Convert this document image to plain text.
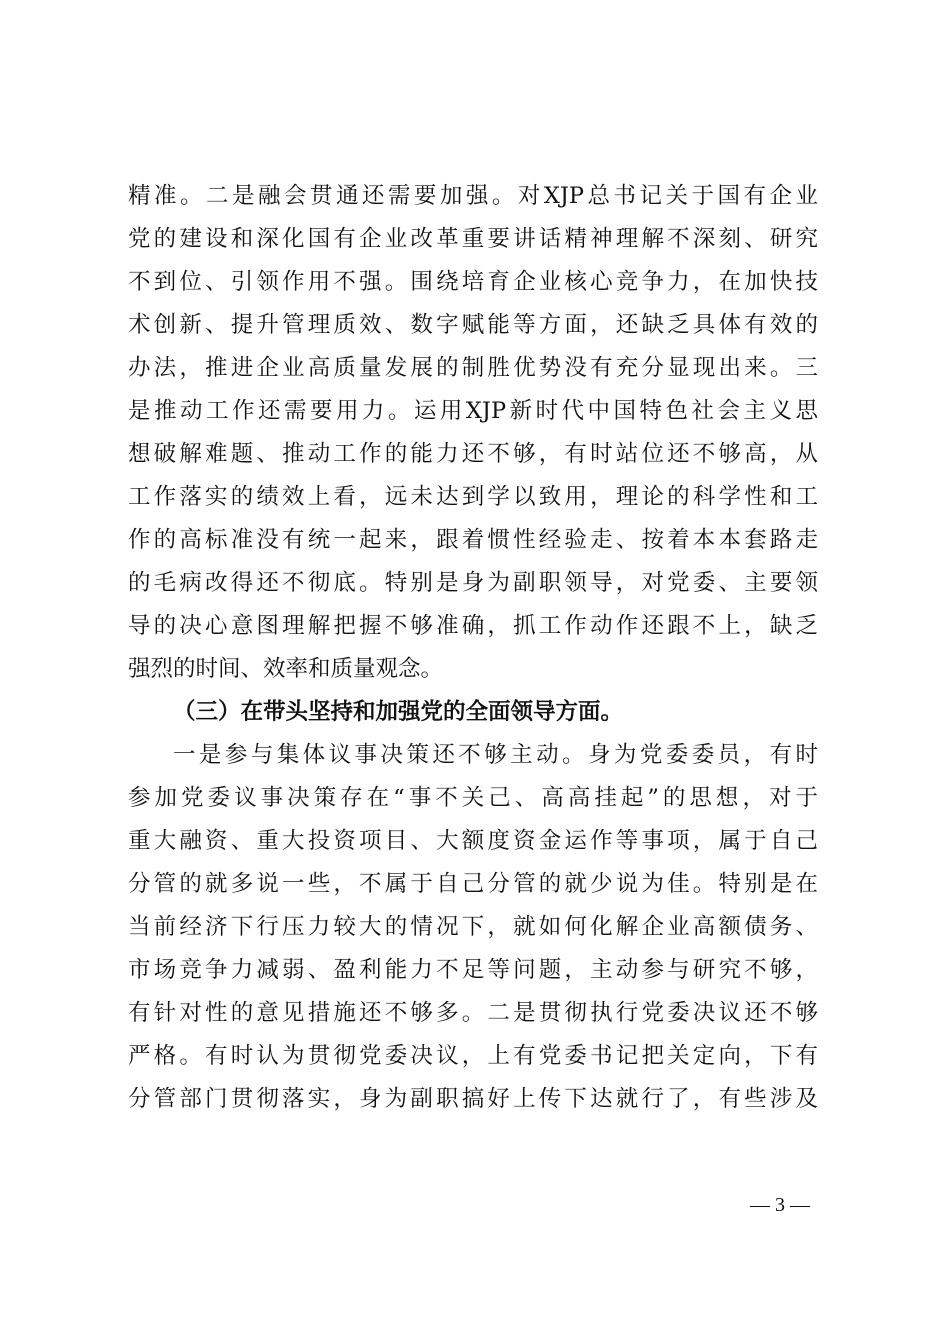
精准。二是融会贯通还需要加强。对XJP总书记关于国有企业
党的建设和深化国有企业改革重要讲话精神理解不深刻、研究
不到位、引领作用不强。围绕培育企业核心竞争力，在加快技
术创新、提升管理质效、数字赋能等方面，还缺乏具体有效的
办法，推进企业高质量发展的制胜优势没有充分显现出来。三
是推动工作还需要用力。运用XJP新时代中国特色社会主义思
想破解难题、推动工作的能力还不够，有时站位还不够高，从
工作落实的绩效上看，远未达到学以致用，理论的科学性和工
作的高标准没有统一起来，跟着惯性经验走、按着本本套路走
的毛病改得还不彻底。特别是身为副职领导，对党委、主要领
导的决心意图理解把握不够准确，抓工作动作还跟不上，缺乏
强烈的时间、效率和质量观念。
（三）在带头坚持和加强党的全面领导方面。
一是参与集体议事决策还不够主动。身为党委委员，有时
参加党委议事决策存在“事不关己、高高挂起”的思想，对于
重大融资、重大投资项目、大额度资金运作等事项，属于自己
分管的就多说一些，不属于自己分管的就少说为佳。特别是在
当前经济下行压力较大的情况下，就如何化解企业高额债务、
市场竞争力减弱、盈利能力不足等问题，主动参与研究不够，
有针对性的意见措施还不够多。二是贯彻执行党委决议还不够
严格。有时认为贯彻党委决议，上有党委书记把关定向，下有
分管部门贯彻落实，身为副职搞好上传下达就行了，有些涉及
— 3 —
